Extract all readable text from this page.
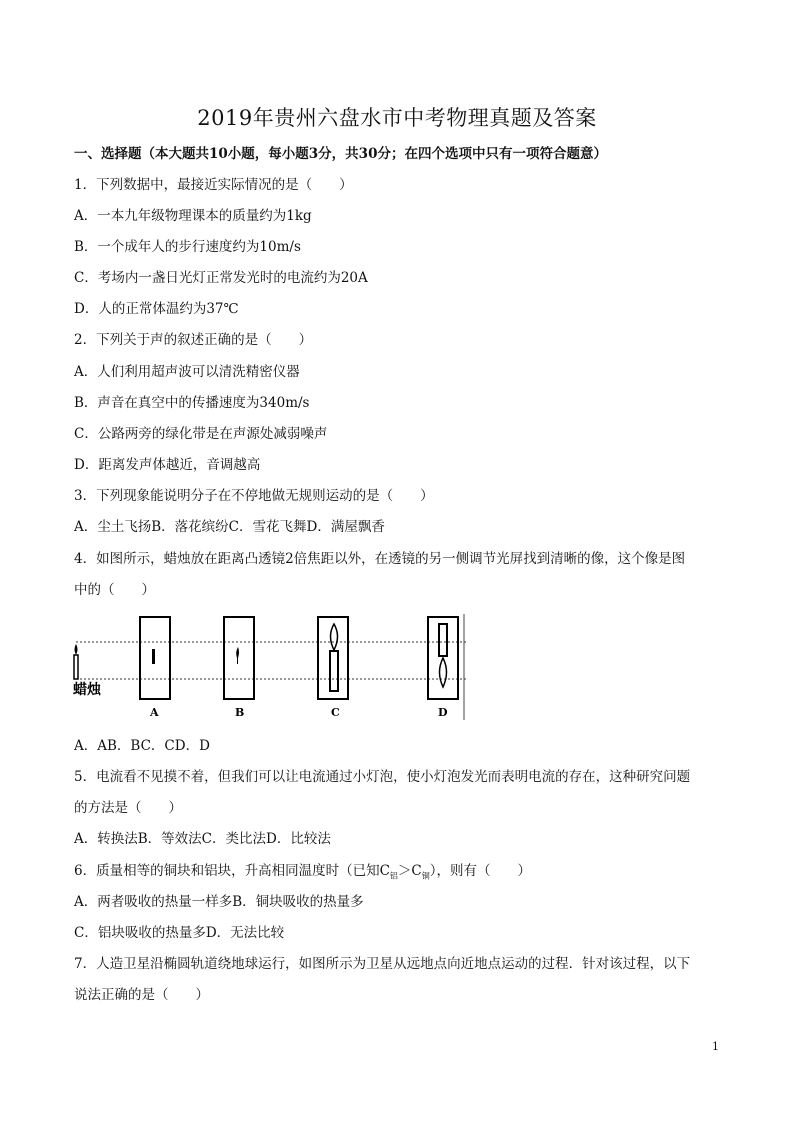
2019年贵州六盘水市中考物理真题及答案
一、选择题（本大题共10小题，每小题3分，共30分；在四个选项中只有一项符合题意）
1．下列数据中，最接近实际情况的是（　　）
A．一本九年级物理课本的质量约为1kg
B．一个成年人的步行速度约为10m/s
C．考场内一盏日光灯正常发光时的电流约为20A
D．人的正常体温约为37℃
2．下列关于声的叙述正确的是（　　）
A．人们利用超声波可以清洗精密仪器
B．声音在真空中的传播速度为340m/s
C．公路两旁的绿化带是在声源处减弱噪声
D．距离发声体越近，音调越高
3．下列现象能说明分子在不停地做无规则运动的是（　　）
A．尘土飞扬B．落花缤纷C．雪花飞舞D．满屋飘香
4．如图所示，蜡烛放在距离凸透镜2倍焦距以外，在透镜的另一侧调节光屏找到清晰的像，这个像是图
中的（　　）
蜡烛
A	B	C	D
A．AB．BC．CD．D
5．电流看不见摸不着，但我们可以让电流通过小灯泡，使小灯泡发光而表明电流的存在，这种研究问题
的方法是（　　）
A．转换法B．等效法C．类比法D．比较法
6．质量相等的铜块和铝块，升高相同温度时（已知$C_铝>C_铜$），则有（　　）
A．两者吸收的热量一样多B．铜块吸收的热量多
C．铝块吸收的热量多D．无法比较
7．人造卫星沿椭圆轨道绕地球运行，如图所示为卫星从远地点向近地点运动的过程．针对该过程，以下
说法正确的是（　　）
1
